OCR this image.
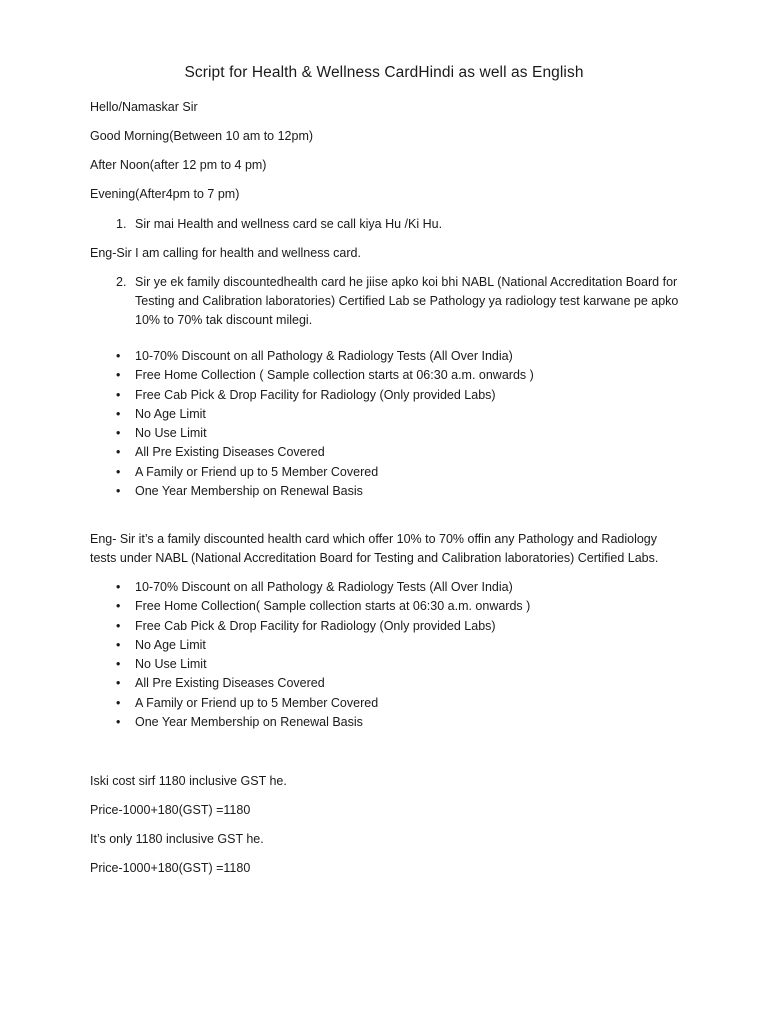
Script for Health & Wellness CardHindi as well as English
Hello/Namaskar Sir
Good Morning(Between 10 am to 12pm)
After Noon(after 12 pm to 4 pm)
Evening(After4pm to 7 pm)
1. Sir mai Health and wellness card se call kiya Hu /Ki Hu.
Eng-Sir I am calling for health and wellness card.
2. Sir ye ek family discountedhealth card he jiise apko koi bhi NABL (National Accreditation Board for Testing and Calibration laboratories) Certified Lab se Pathology ya radiology test karwane pe apko 10% to 70% tak discount milegi.
• 10-70% Discount on all Pathology & Radiology Tests (All Over India)
• Free Home Collection ( Sample collection starts at 06:30 a.m. onwards )
• Free Cab Pick & Drop Facility for Radiology (Only provided Labs)
• No Age Limit
• No Use Limit
• All Pre Existing Diseases Covered
• A Family or Friend up to 5 Member Covered
• One Year Membership on Renewal Basis
Eng- Sir it’s a family discounted health card which offer 10% to 70% offin any Pathology and Radiology tests under NABL (National Accreditation Board for Testing and Calibration laboratories) Certified Labs.
• 10-70% Discount on all Pathology & Radiology Tests (All Over India)
• Free Home Collection( Sample collection starts at 06:30 a.m. onwards )
• Free Cab Pick & Drop Facility for Radiology (Only provided Labs)
• No Age Limit
• No Use Limit
• All Pre Existing Diseases Covered
• A Family or Friend up to 5 Member Covered
• One Year Membership on Renewal Basis
Iski cost sirf 1180 inclusive GST he.
Price-1000+180(GST) =1180
It’s only 1180 inclusive GST he.
Price-1000+180(GST) =1180
